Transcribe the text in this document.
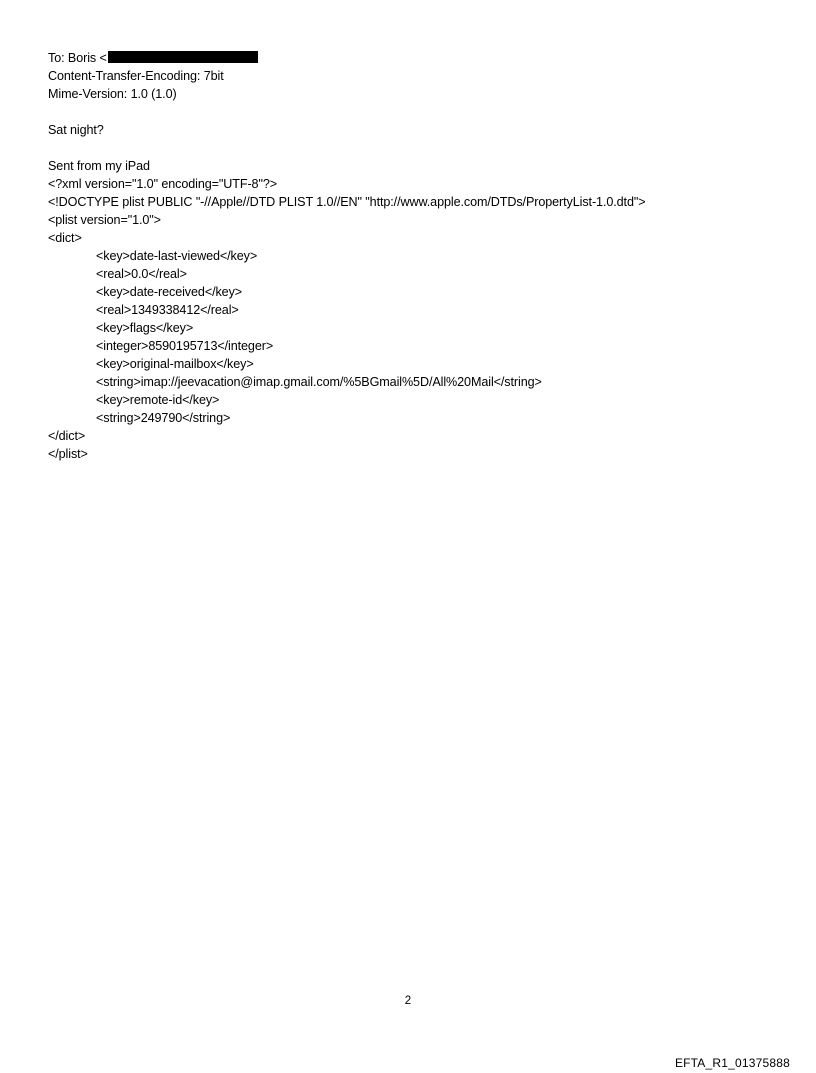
To: Boris <
Content-Transfer-Encoding: 7bit
Mime-Version: 1.0 (1.0)
Sat night?
Sent from my iPad
<?xml version="1.0" encoding="UTF-8"?>
<!DOCTYPE plist PUBLIC "-//Apple//DTD PLIST 1.0//EN" "http://www.apple.com/DTDs/PropertyList-1.0.dtd">
<plist version="1.0">
<dict>
<key>date-last-viewed</key>
<real>0.0</real>
<key>date-received</key>
<real>1349338412</real>
<key>flags</key>
<integer>8590195713</integer>
<key>original-mailbox</key>
<string>imap://jeevacation@imap.gmail.com/%5BGmail%5D/All%20Mail</string>
<key>remote-id</key>
<string>249790</string>
</dict>
</plist>
2
EFTA_R1_01375888
